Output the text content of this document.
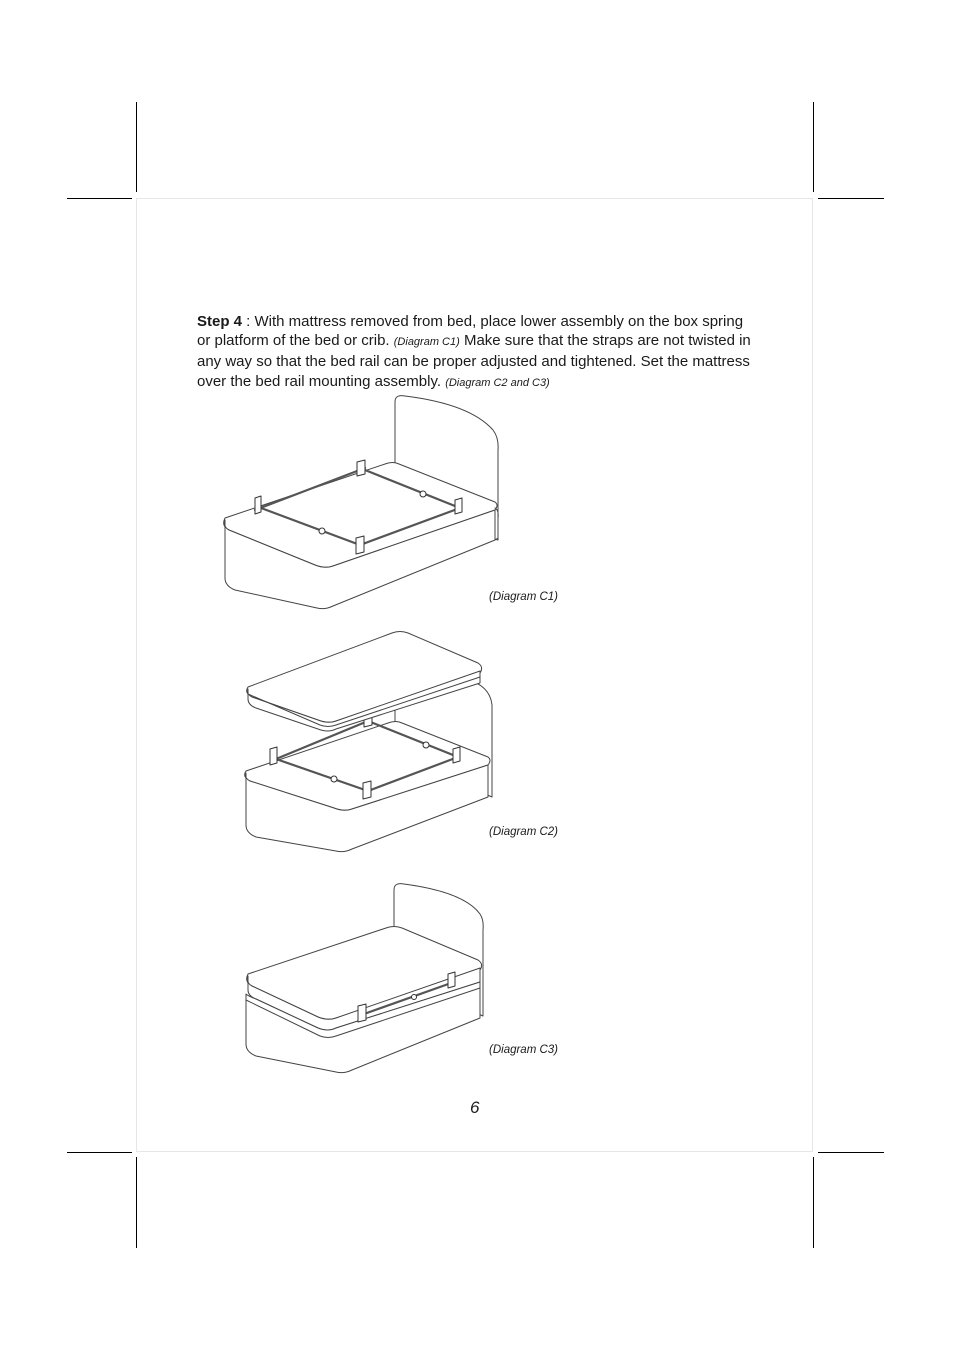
Step 4 : With mattress removed from bed, place lower assembly on the box spring or platform of the bed or crib. (Diagram C1) Make sure that the straps are not twisted in any way so that the bed rail can be proper adjusted and tightened. Set the mattress over the bed rail mounting assembly. (Diagram C2 and C3)

(Diagram C1)
(Diagram C2)
(Diagram C3)
6
